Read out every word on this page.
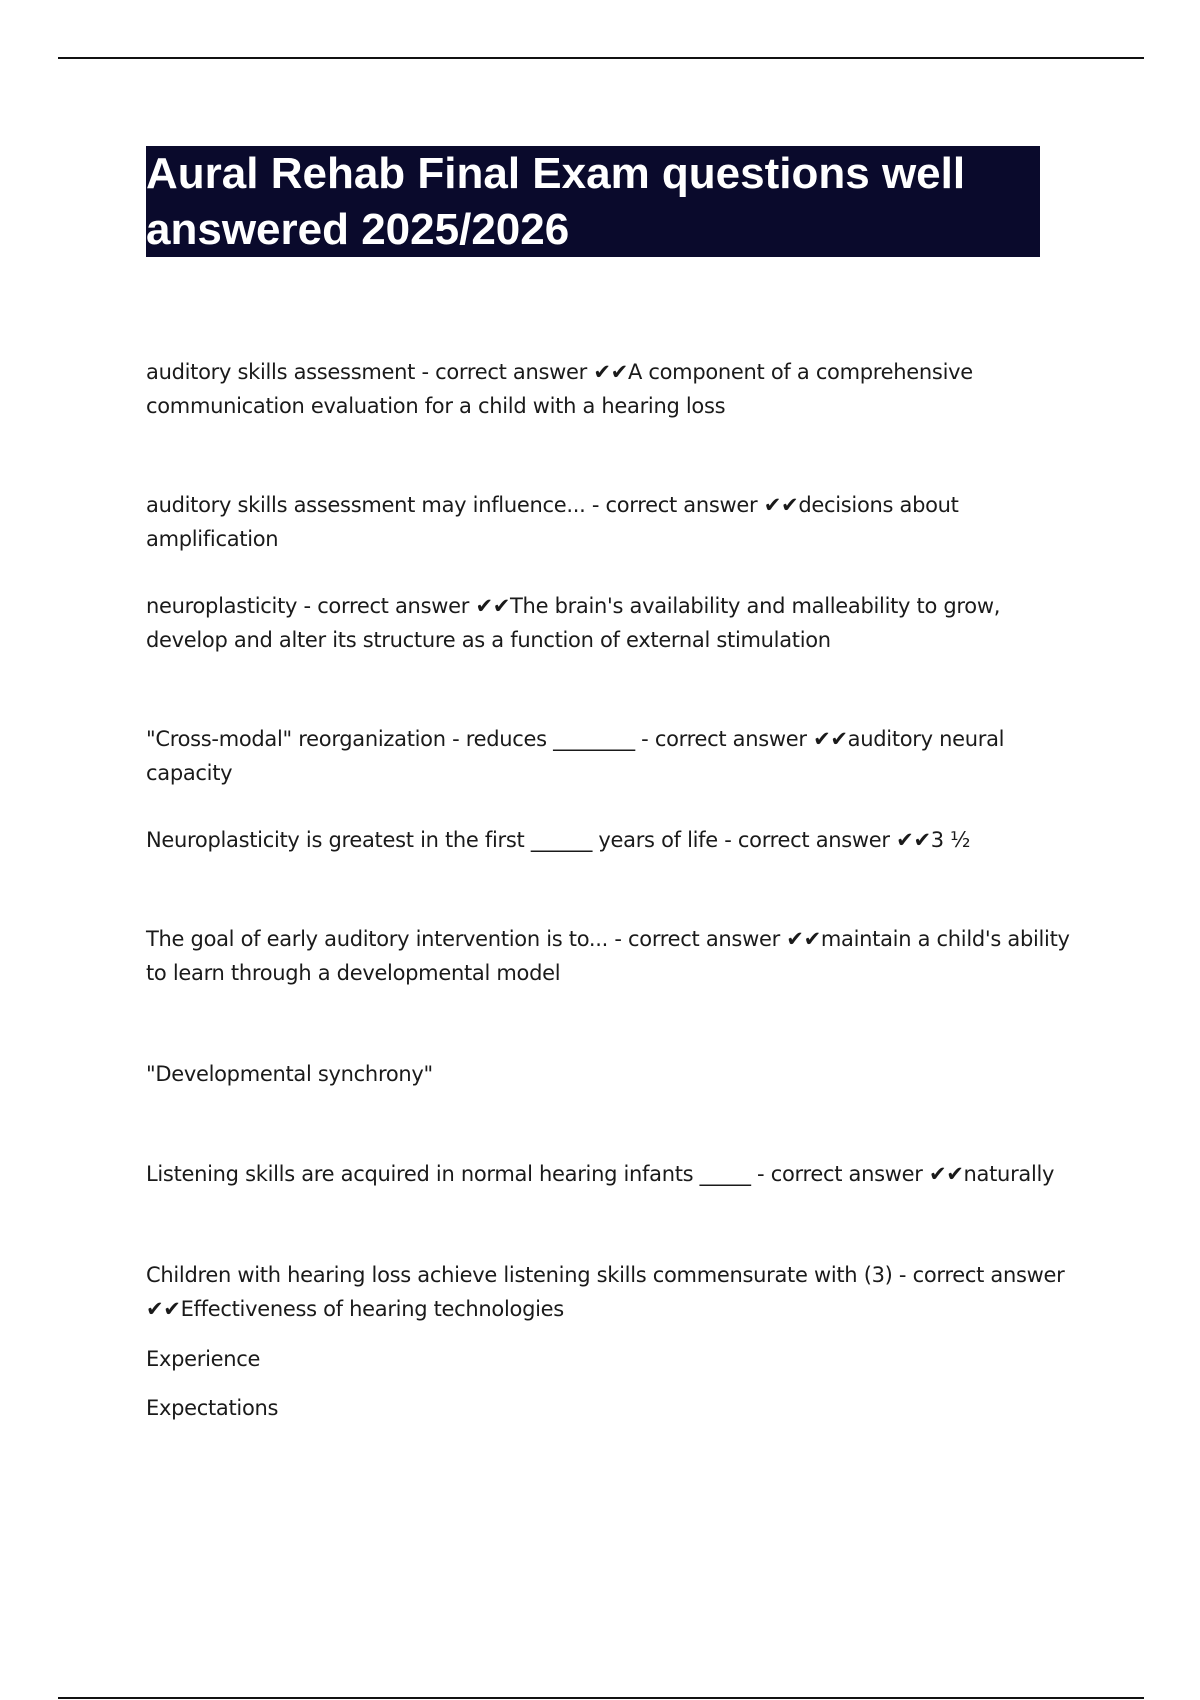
Aural Rehab Final Exam questions well answered 2025/2026

auditory skills assessment - correct answer ✔✔A component of a comprehensive communication evaluation for a child with a hearing loss

auditory skills assessment may influence... - correct answer ✔✔decisions about amplification

neuroplasticity - correct answer ✔✔The brain's availability and malleability to grow, develop and alter its structure as a function of external stimulation

"Cross-modal" reorganization - reduces ________ - correct answer ✔✔auditory neural capacity

Neuroplasticity is greatest in the first ______ years of life - correct answer ✔✔3 ½

The goal of early auditory intervention is to... - correct answer ✔✔maintain a child's ability to learn through a developmental model

"Developmental synchrony"

Listening skills are acquired in normal hearing infants _____ - correct answer ✔✔naturally

Children with hearing loss achieve listening skills commensurate with (3) - correct answer ✔✔Effectiveness of hearing technologies

Experience

Expectations
